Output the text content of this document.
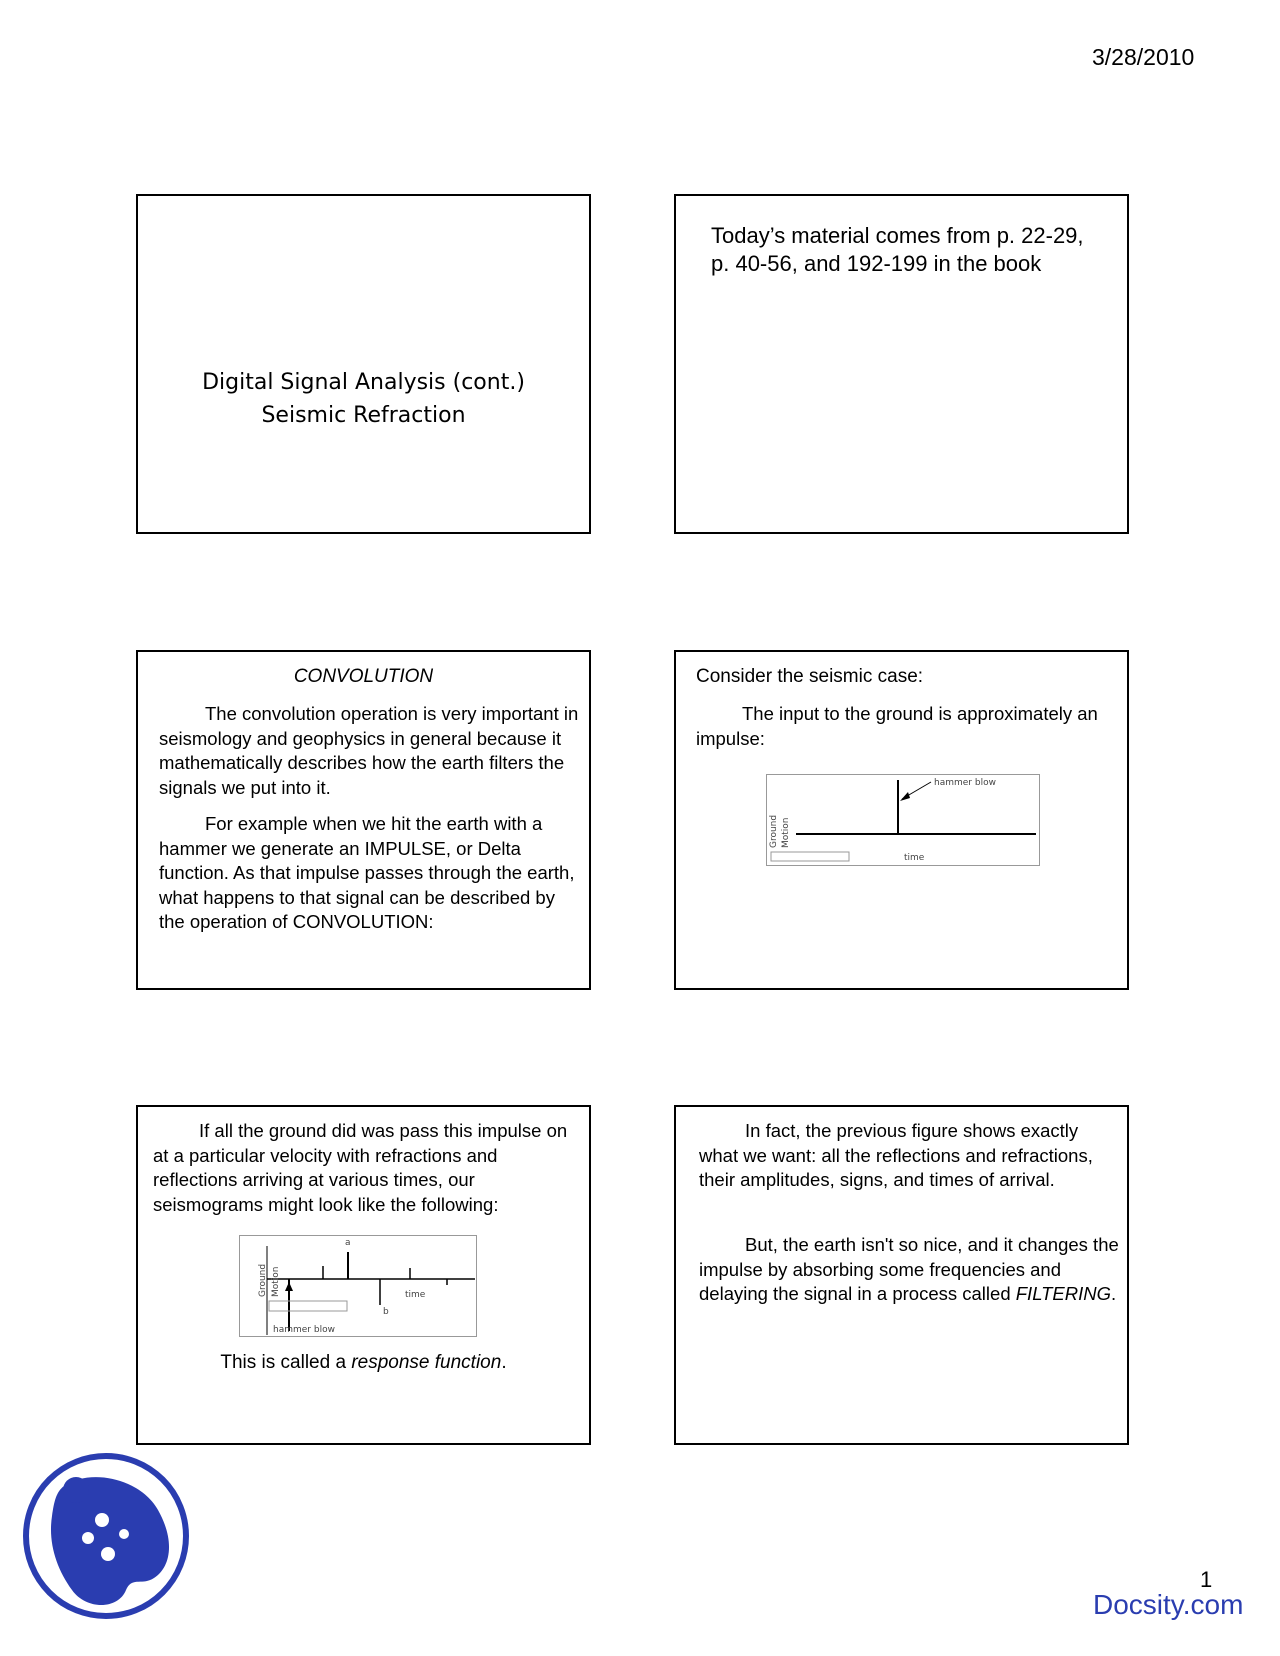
3/28/2010
Digital Signal Analysis (cont.)
Seismic Refraction
Today’s material comes from p. 22-29,
p. 40-56, and 192-199 in the book
CONVOLUTION

The convolution operation is very important in seismology and geophysics in general because it mathematically describes how the earth filters the signals we put into it.

For example when we hit the earth with a hammer we generate an IMPULSE, or Delta function. As that impulse passes through the earth, what happens to that signal can be described by the operation of CONVOLUTION:

Consider the seismic case:

The input to the ground is approximately an impulse:

hammer blow
time
Ground Motion

If all the ground did was pass this impulse on at a particular velocity with refractions and reflections arriving at various times, our seismograms might look like the following:

a
b
time
hammer blow
Ground Motion
This is called a response function.

In fact, the previous figure shows exactly what we want: all the reflections and refractions, their amplitudes, signs, and times of arrival.

But, the earth isn't so nice, and it changes the impulse by absorbing some frequencies and delaying the signal in a process called FILTERING.

1
Docsity.com
